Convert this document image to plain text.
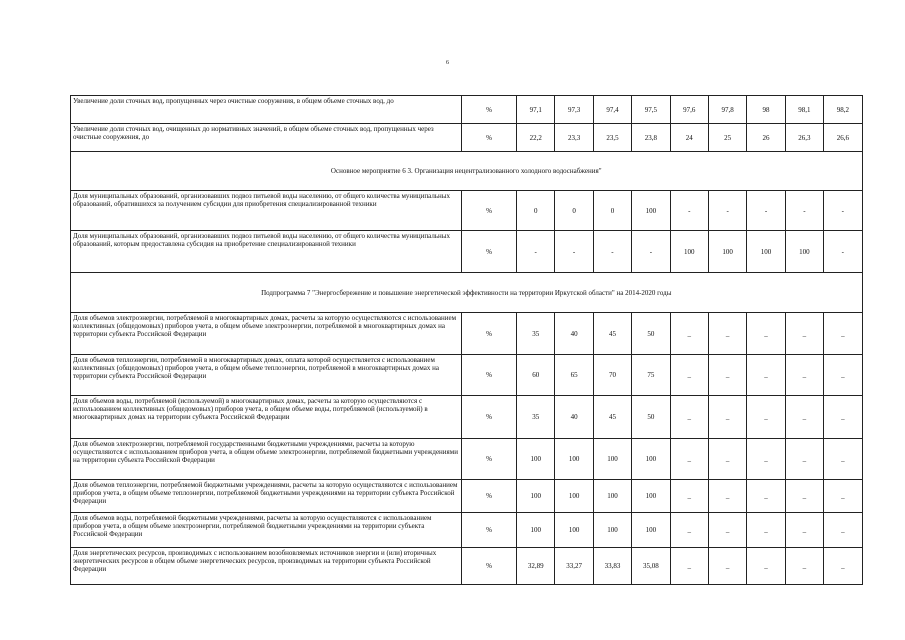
6
Увеличение доли сточных вод, пропущенных через очистные сооружения, в общем объеме сточных вод, до	%	97,1	97,3	97,4	97,5	97,6	97,8	98	98,1	98,2
Увеличение доли сточных вод, очищенных до нормативных значений, в общем объеме сточных вод, пропущенных через очистные сооружения, до	%	22,2	23,3	23,5	23,8	24	25	26	26,3	26,6
Основное мероприятие 6 3. Организация нецентрализованного холодного водоснабжения"										
Доля муниципальных образований, организовавших подвоз питьевой воды населению, от общего количества муниципальных образований, обратившихся за получением субсидии для приобретения специализированной техники	%	0	0	0	100	-	-	-	-	-
Доля муниципальных образований, организовавших подвоз питьевой воды населению, от общего количества муниципальных образований, которым предоставлена субсидия на приобретение специализированной техники	%	-	-	-	-	100	100	100	100	-
Подпрограмма 7 "Энергосбережение и повышение энергетической эффективности на территории Иркутской области" на 2014-2020 годы										
Доля объемов электроэнергии, потребляемой в многоквартирных домах, расчеты за которую осуществляются с использованием коллективных (общедомовых) приборов учета, в общем объеме электроэнергии, потребляемой в многоквартирных домах на территории субъекта Российской Федерации	%	35	40	45	50	_	_	_	_	_
Доля объемов теплоэнергии, потребляемой в многоквартирных домах, оплата которой осуществляется с использованием коллективных (общедомовых) приборов учета, в общем объеме теплоэнергии, потребляемой в многоквартирных домах на территории субъекта Российской Федерации	%	60	65	70	75	_	_	_	_	_
Доля объемов воды, потребляемой (используемой) в многоквартирных домах, расчеты за которую осуществляются с использованием коллективных (общедомовых) приборов учета, в общем объеме воды, потребляемой (используемой) в многоквартирных домах на территории субъекта Российской Федерации	%	35	40	45	50	_	_	_	_	_
Доля объемов электроэнергии, потребляемой государственными бюджетными учреждениями, расчеты за которую осуществляются с использованием приборов учета, в общем объеме электроэнергии, потребляемой бюджетными учреждениями на территории субъекта Российской Федерации	%	100	100	100	100	_	_	_	_	_
Доля объемов теплоэнергии, потребляемой бюджетными учреждениями, расчеты за которую осуществляются с использованием приборов учета, в общем объеме теплоэнергии, потребляемой бюджетными учреждениями на территории субъекта Российской Федерации	%	100	100	100	100	_	_	_	_	_
Доля объемов воды, потребляемой бюджетными учреждениями, расчеты за которую осуществляются с использованием приборов учета, в общем объеме электроэнергии, потребляемой бюджетными учреждениями на территории субъекта Российской Федерации	%	100	100	100	100	_	_	_	_	_
Доля энергетических ресурсов, производимых с использованием возобновляемых источников энергии и (или) вторичных энергетических ресурсов в общем объеме энергетических ресурсов, производимых на территории субъекта Российской Федерации	%	32,89	33,27	33,83	35,08	_	_	_	_	_
